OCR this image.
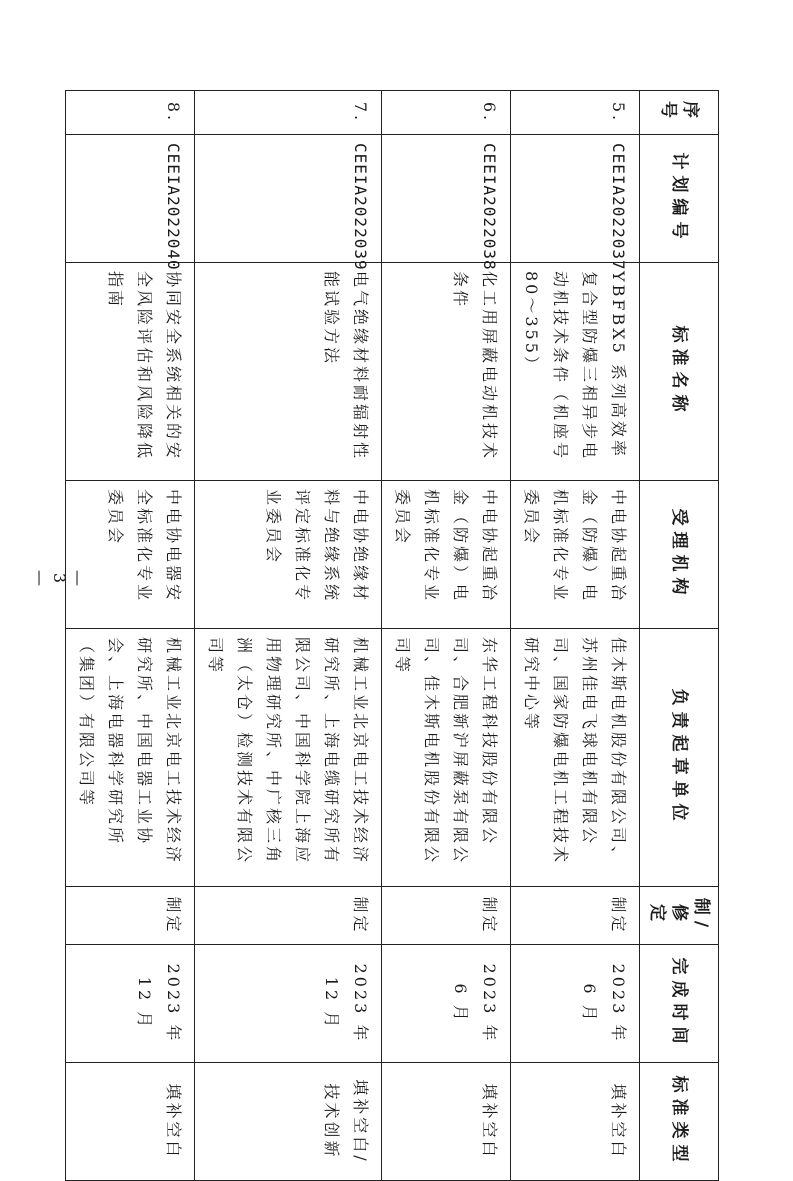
序号	计划编号	标准名称	受理机构	负责起草单位	制/修定	完成时间	标准类型
5.	CEEIA2022037	YBFBX5 系列高效率复合型防爆三相异步电动机技术条件（机座号 80～355）	中电协起重冶金（防爆）电机标准化专业委员会	佳木斯电机股份有限公司、苏州佳电飞球电机有限公司、国家防爆电机工程技术研究中心等	制定	2023 年 6 月	填补空白
6.	CEEIA2022038	化工用屏蔽电动机技术条件	中电协起重冶金（防爆）电机标准化专业委员会	东华工程科技股份有限公司、合肥新沪屏蔽泵有限公司、佳木斯电机股份有限公司等	制定	2023 年 6 月	填补空白
7.	CEEIA2022039	电气绝缘材料耐辐射性能试验方法	中电协绝缘材料与绝缘系统评定标准化专业委员会	机械工业北京电工技术经济研究所、上海电缆研究所有限公司、中国科学院上海应用物理研究所、中广核三角洲（太仓）检测技术有限公司等	制定	2023 年 12 月	填补空白/技术创新
8.	CEEIA2022040	协同安全系统相关的安全风险评估和风险降低指南	中电协电器安全标准化专业委员会	机械工业北京电工技术经济研究所、中国电器工业协会、上海电器科学研究所（集团）有限公司等	制定	2023 年 12 月	填补空白
— 3 —
